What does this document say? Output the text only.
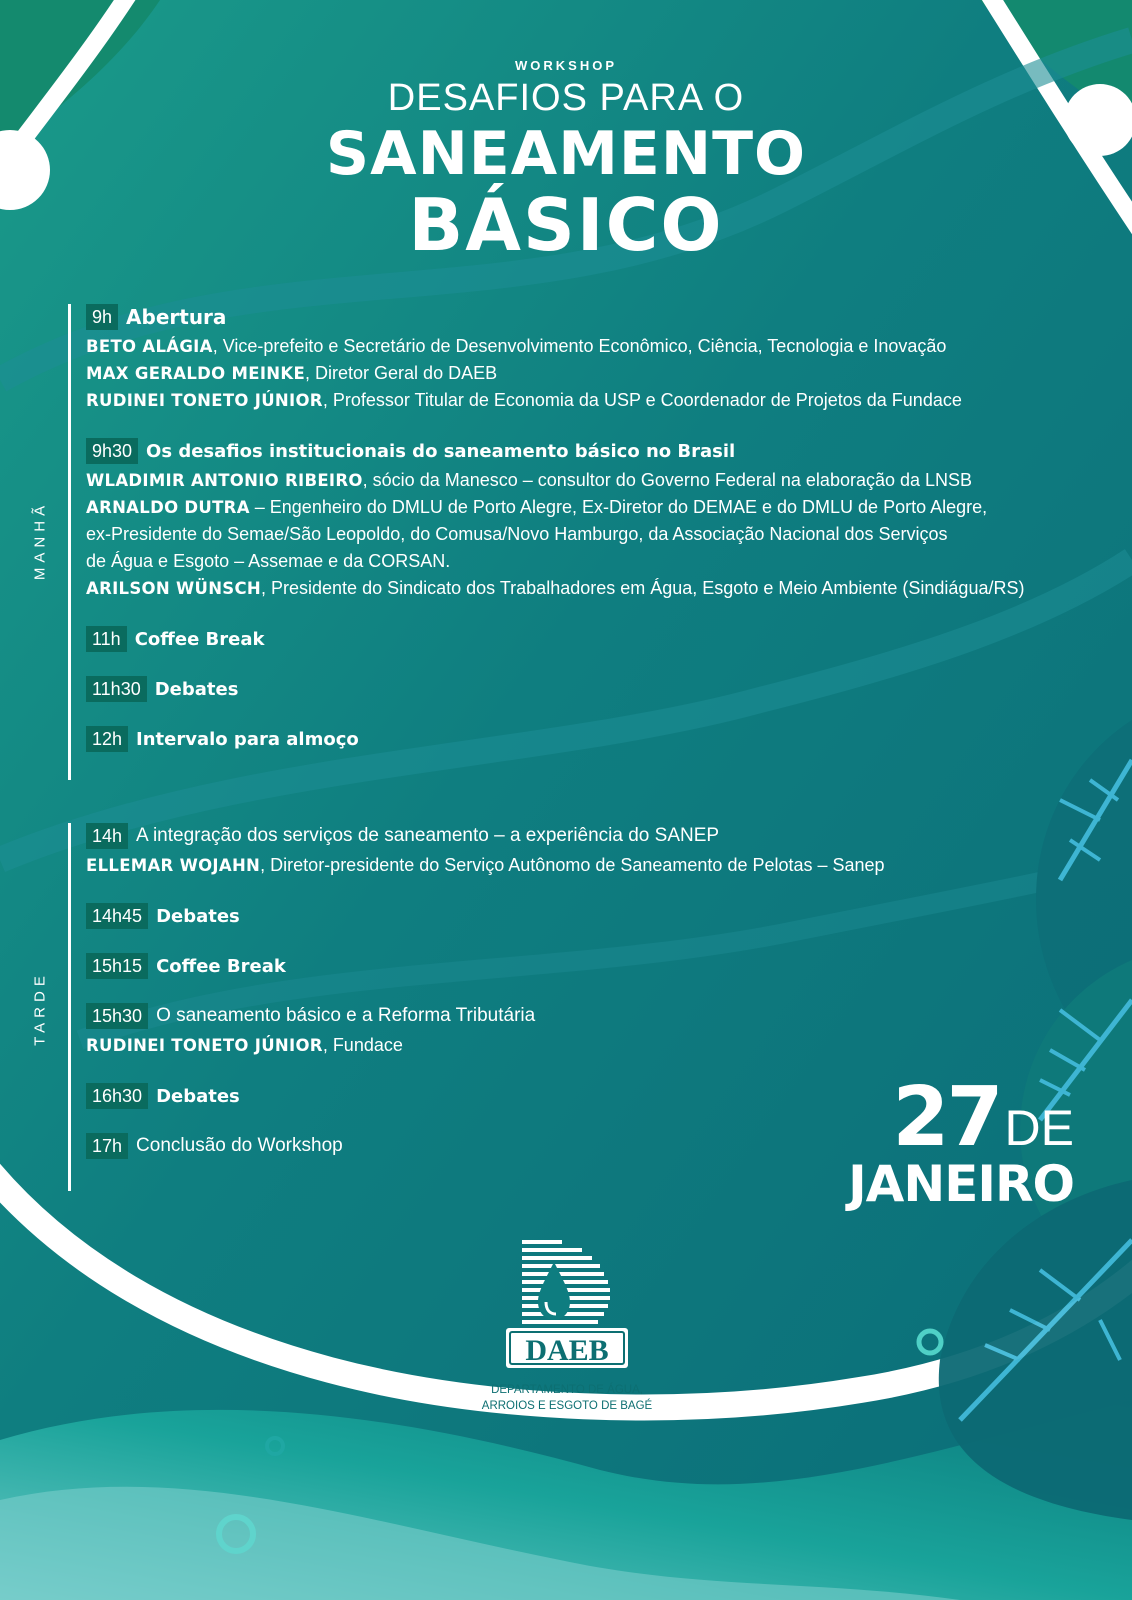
WORKSHOP
DESAFIOS PARA O
SANEAMENTO
BÁSICO
MANHÃ
TARDE
9h Abertura
BETO ALÁGIA, Vice-prefeito e Secretário de Desenvolvimento Econômico, Ciência, Tecnologia e Inovação
MAX GERALDO MEINKE, Diretor Geral do DAEB
RUDINEI TONETO JÚNIOR, Professor Titular de Economia da USP e Coordenador de Projetos da Fundace
9h30 Os desafios institucionais do saneamento básico no Brasil
WLADIMIR ANTONIO RIBEIRO, sócio da Manesco – consultor do Governo Federal na elaboração da LNSB
ARNALDO DUTRA – Engenheiro do DMLU de Porto Alegre, Ex-Diretor do DEMAE e do DMLU de Porto Alegre,
ex-Presidente do Semae/São Leopoldo, do Comusa/Novo Hamburgo, da Associação Nacional dos Serviços
de Água e Esgoto – Assemae e da CORSAN.
ARILSON WÜNSCH, Presidente do Sindicato dos Trabalhadores em Água, Esgoto e Meio Ambiente (Sindiágua/RS)
11h Coffee Break
11h30 Debates
12h Intervalo para almoço
14h A integração dos serviços de saneamento – a experiência do SANEP
ELLEMAR WOJAHN, Diretor-presidente do Serviço Autônomo de Saneamento de Pelotas – Sanep
14h45 Debates
15h15 Coffee Break
15h30 O saneamento básico e a Reforma Tributária
RUDINEI TONETO JÚNIOR, Fundace
16h30 Debates
17h Conclusão do Workshop	27DE
JANEIRO
DAEB
DEPARTAMENTO DE ÁGUA,
ARROIOS E ESGOTO DE BAGÉ
